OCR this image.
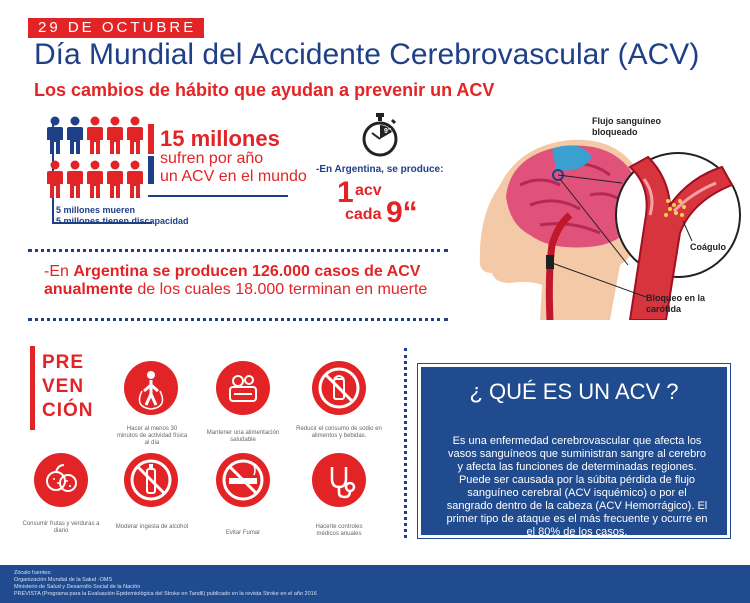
29 DE OCTUBRE
Día Mundial del Accidente Cerebrovascular (ACV)
Los cambios de hábito que ayudan a prevenir un ACV
15 millones
sufren por año
un ACV en el mundo
5 millones mueren
5 millones tienen discapacidad
9"
-En Argentina, se produce:
1 acv
cada 9“
-En Argentina se producen 126.000 casos de ACV
anualmente de los cuales 18.000 terminan en muerte
Flujo sanguíneo bloqueado
Coágulo
Bloqueo en la carótida
PRE
VEN
CIÓN
Hacer al menos 30 minutos de actividad física al día
Mantener una alimentación saludable
Reducir el consumo de sodio en alimentos y bebidas.
Consumir frutas y verduras a diario
Moderar ingesta de alcohol
Evitar Fumar
Hacerte controles médicos anuales
¿ QUÉ ES UN ACV ?
Es una enfermedad cerebrovascular que afecta los vasos sanguíneos que suministran sangre al cerebro y afecta las funciones de determinadas regiones. Puede ser causada por la súbita pérdida de flujo sanguíneo cerebral (ACV isquémico) o por el sangrado dentro de la cabeza (ACV Hemorrágico). El primer tipo de ataque es el más frecuente y ocurre en el 80% de los casos.
Zócalo fuentes:
Organización Mundial de la Salud -OMS
Ministerio de Salud y Desarrollo Social de la Nación
PREVISTA (Programa para la Evaluación Epidemiológica del Stroke en Tandil) publicado en la revista Stroke en el año 2016
